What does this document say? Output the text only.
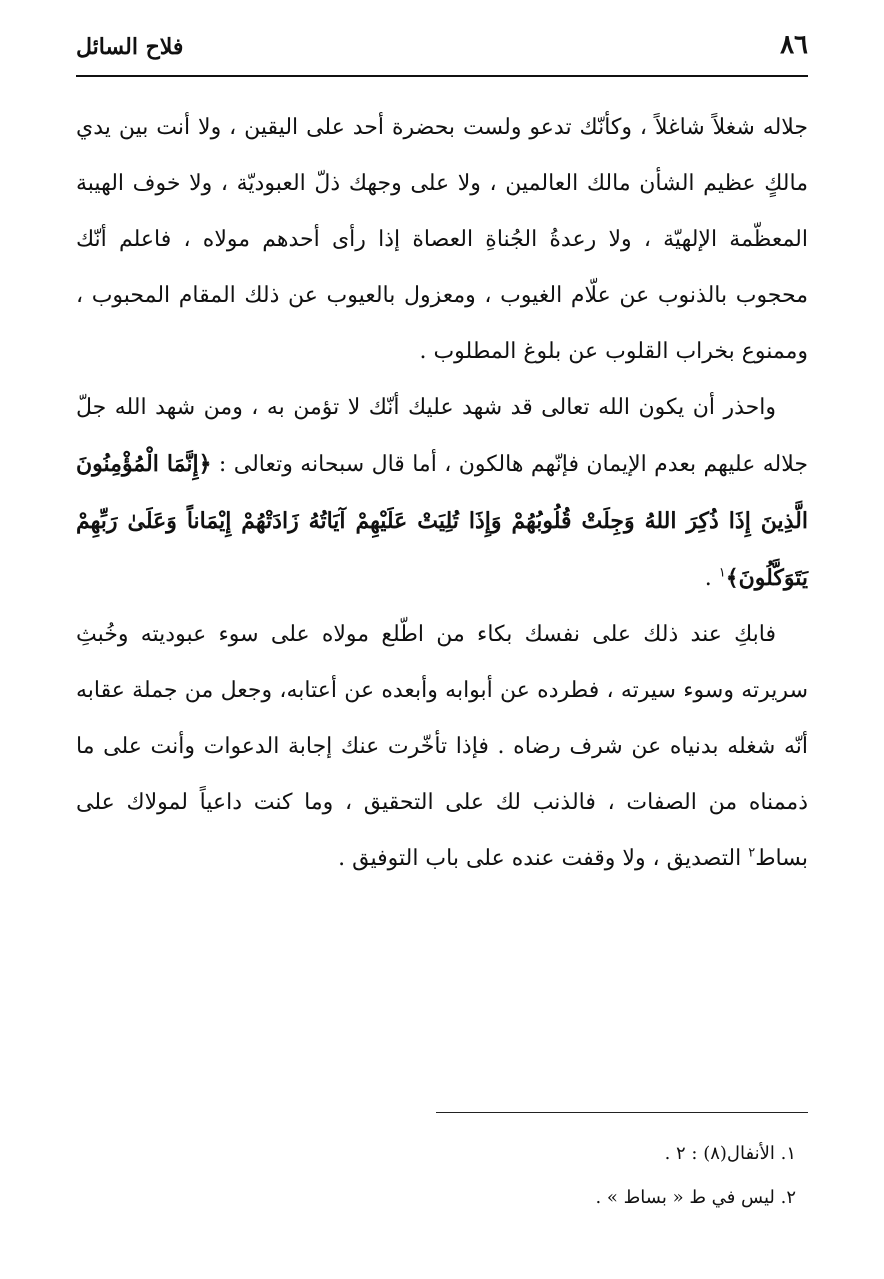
٨٦
فلاح السائل

جلاله شغلاً شاغلاً ، وكأنّك تدعو ولست بحضرة أحد على اليقين ، ولا أنت بين يدي مالكٍ عظيم الشأن مالك العالمين ، ولا على وجهك ذلّ العبوديّة ، ولا خوف الهيبة المعظّمة الإلهيّة ، ولا رعدةُ الجُناةِ العصاة إذا رأى أحدهم مولاه ، فاعلم أنّك محجوب بالذنوب عن علّام الغيوب ، ومعزول بالعيوب عن ذلك المقام المحبوب ، وممنوع بخراب القلوب عن بلوغ المطلوب .

واحذر أن يكون الله تعالى قد شهد عليك أنّك لا تؤمن به ، ومن شهد الله جلّ جلاله عليهم بعدم الإيمان فإنّهم هالكون ، أما قال سبحانه وتعالى : ﴿إِنَّمَا الْمُؤْمِنُونَ الَّذِينَ إِذَا ذُكِرَ اللهُ وَجِلَتْ قُلُوبُهُمْ وَإِذَا تُلِيَتْ عَلَيْهِمْ آيَاتُهُ زَادَتْهُمْ إِيْمَاناً وَعَلَىٰ رَبِّهِمْ يَتَوَكَّلُونَ﴾$^١$ .

فابكِ عند ذلك على نفسك بكاء من اطّلع مولاه على سوء عبوديته وخُبثِ سريرته وسوء سيرته ، فطرده عن أبوابه وأبعده عن أعتابه، وجعل من جملة عقابه أنّه شغله بدنياه عن شرف رضاه . فإذا تأخّرت عنك إجابة الدعوات وأنت على ما ذممناه من الصفات ، فالذنب لك على التحقيق ، وما كنت داعياً لمولاك على بساط$^٢$ التصديق ، ولا وقفت عنده على باب التوفيق .

١. الأنفال(٨) : ٢ .

٢. ليس في ط « بساط » .
